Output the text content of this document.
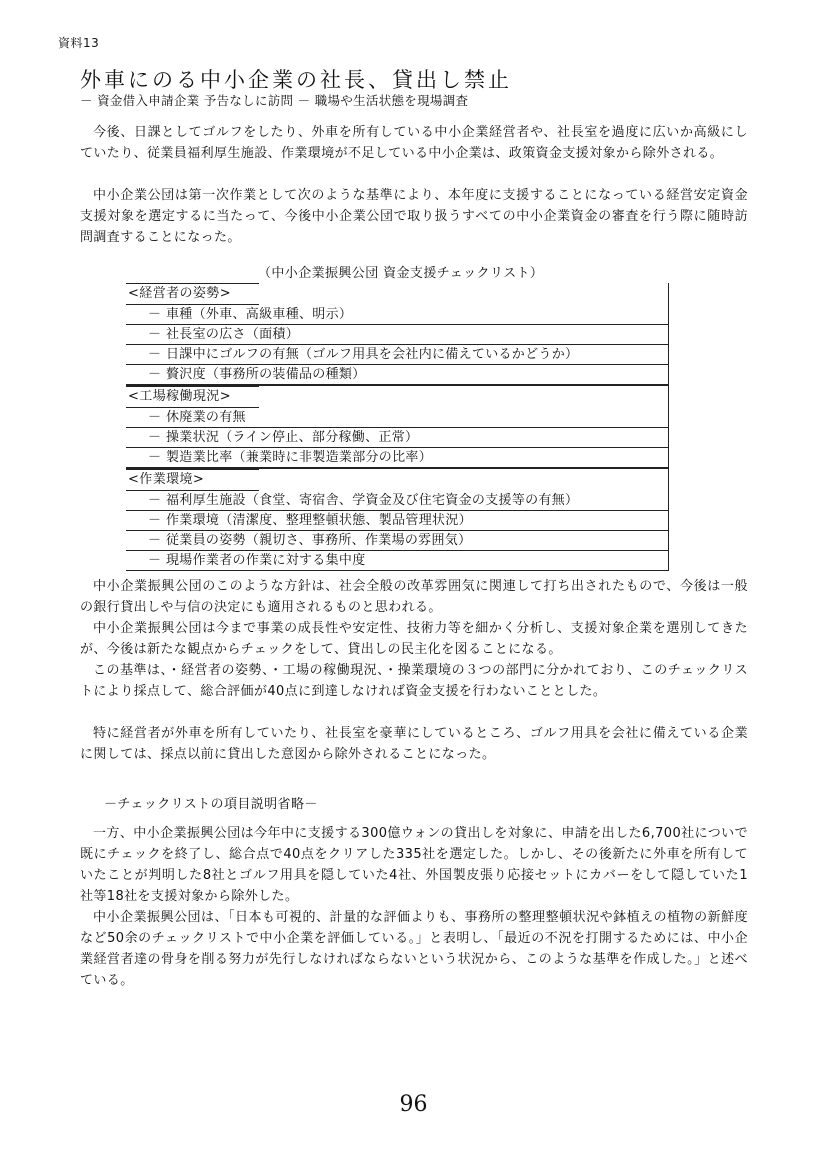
資料13
外車にのる中小企業の社長、貸出し禁止
－ 資金借入申請企業 予告なしに訪問 － 職場や生活状態を現場調査

今後、日課としてゴルフをしたり、外車を所有している中小企業経営者や、社長室を過度に広いか高級にしていたり、従業員福利厚生施設、作業環境が不足している中小企業は、政策資金支援対象から除外される。

中小企業公団は第一次作業として次のような基準により、本年度に支援することになっている経営安定資金支援対象を選定するに当たって、今後中小企業公団で取り扱うすべての中小企業資金の審査を行う際に随時訪問調査することになった。

（中小企業振興公団 資金支援チェックリスト）
<経営者の姿勢>
－ 車種（外車、高級車種、明示）
－ 社長室の広さ（面積）
－ 日課中にゴルフの有無（ゴルフ用具を会社内に備えているかどうか）
－ 贅沢度（事務所の装備品の種類）
<工場稼働現況>
－ 休廃業の有無
－ 操業状況（ライン停止、部分稼働、正常）
－ 製造業比率（兼業時に非製造業部分の比率）
<作業環境>
－ 福利厚生施設（食堂、寄宿舎、学資金及び住宅資金の支援等の有無）
－ 作業環境（清潔度、整理整頓状態、製品管理状況）
－ 従業員の姿勢（親切さ、事務所、作業場の雰囲気）
－ 現場作業者の作業に対する集中度

中小企業振興公団のこのような方針は、社会全般の改革雰囲気に関連して打ち出されたもので、今後は一般の銀行貸出しや与信の決定にも適用されるものと思われる。

中小企業振興公団は今まで事業の成長性や安定性、技術力等を細かく分析し、支援対象企業を選別してきたが、今後は新たな観点からチェックをして、貸出しの民主化を図ることになる。

この基準は、・経営者の姿勢、・工場の稼働現況、・操業環境の３つの部門に分かれており、このチェックリストにより採点して、総合評価が40点に到達しなければ資金支援を行わないこととした。

特に経営者が外車を所有していたり、社長室を豪華にしているところ、ゴルフ用具を会社に備えている企業に関しては、採点以前に貸出した意図から除外されることになった。

－チェックリストの項目説明省略－

一方、中小企業振興公団は今年中に支援する300億ウォンの貸出しを対象に、申請を出した6,700社についで既にチェックを終了し、総合点で40点をクリアした335社を選定した。しかし、その後新たに外車を所有していたことが判明した8社とゴルフ用具を隠していた4社、外国製皮張り応接セットにカバーをして隠していた1社等18社を支援対象から除外した。

中小企業振興公団は、「日本も可視的、計量的な評価よりも、事務所の整理整頓状況や鉢植えの植物の新鮮度など50余のチェックリストで中小企業を評価している。」と表明し、「最近の不況を打開するためには、中小企業経営者達の骨身を削る努力が先行しなければならないという状況から、このような基準を作成した。」と述べている。

96
